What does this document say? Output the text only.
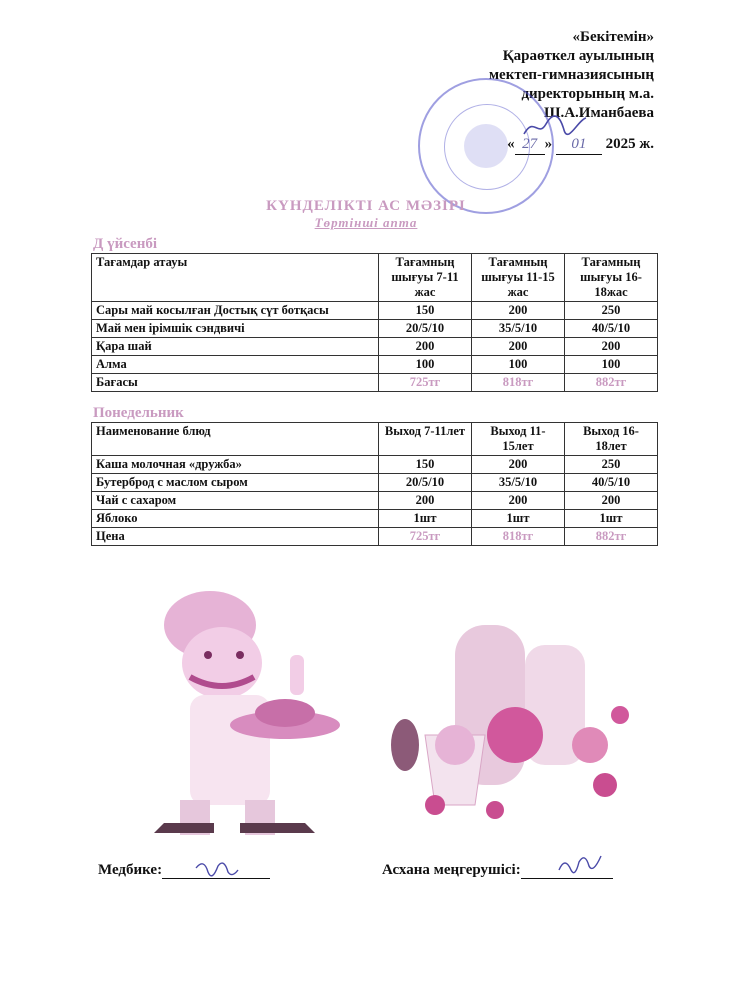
«Бекітемін»
Қараөткел ауылының
мектеп-гимназиясының
директорының м.а.
Ш.А.Иманбаева
« 27 » 01 2025 ж.
КҮНДЕЛІКТІ АС МӘЗІРІ
Төртінші апта
Д үйсенбі
Тағамдар атауы	Тағамның шығуы 7-11 жас	Тағамның шығуы 11-15 жас	Тағамның шығуы 16-18жас
Сары май косылған Достық сүт ботқасы	150	200	250
Май мен ірімшік сэндвичі	20/5/10	35/5/10	40/5/10
Қара шай	200	200	200
Алма	100	100	100
Бағасы	725тг	818тг	882тг
Понедельник
Наименование блюд	Выход 7-11лет	Выход 11-15лет	Выход 16-18лет
Каша молочная «дружба»	150	200	250
Бутерброд с маслом сыром	20/5/10	35/5/10	40/5/10
Чай с сахаром	200	200	200
Яблоко	1шт	1шт	1шт
Цена	725тг	818тг	882тг
Медбике:	Асхана меңгерушісі:
